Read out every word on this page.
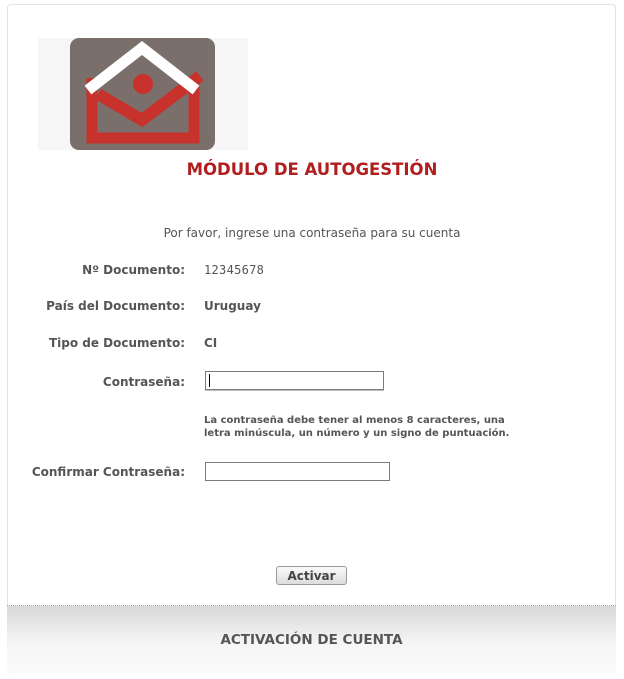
MÓDULO DE AUTOGESTIÓN
Por favor, ingrese una contraseña para su cuenta
Nº Documento: 12345678
País del Documento: Uruguay
Tipo de Documento: CI
Contraseña:
La contraseña debe tener al menos 8 caracteres, una letra minúscula, un número y un signo de puntuación.
Confirmar Contraseña:
Activar
ACTIVACIÓN DE CUENTA
